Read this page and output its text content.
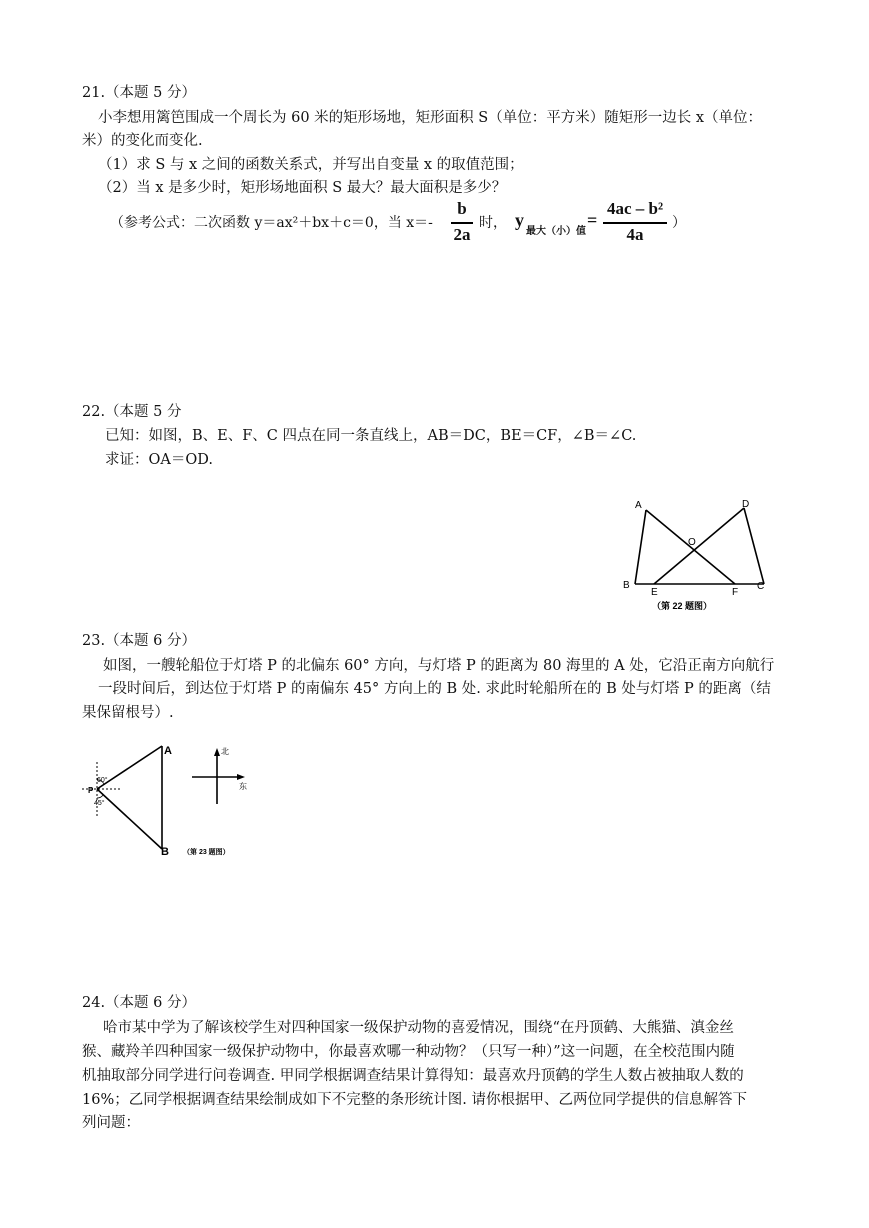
21.（本题 5 分）
小李想用篱笆围成一个周长为 60 米的矩形场地，矩形面积 S（单位：平方米）随矩形一边长 x（单位：
米）的变化而变化.
（1）求 S 与 x 之间的函数关系式，并写出自变量 x 的取值范围；
（2）当 x 是多少时，矩形场地面积 S 最大？最大面积是多少？
（参考公式：二次函数 y＝ax²＋bx＋c＝0，当 x＝-
b
2a
时， y
最大（小）值
=
4ac – b²
4a
）
22.（本题 5 分
已知：如图，B、E、F、C 四点在同一条直线上，AB＝DC，BE＝CF，∠B＝∠C.
求证：OA＝OD.
A	D
O
B
E	F
C
（第 22 题图）
23.（本题 6 分）
如图，一艘轮船位于灯塔 P 的北偏东 60° 方向，与灯塔 P 的距离为 80 海里的 A 处，它沿正南方向航行
一段时间后，到达位于灯塔 P 的南偏东 45° 方向上的 B 处. 求此时轮船所在的 B 处与灯塔 P 的距离（结
果保留根号）.
A
B
P
60°
45°
北
东
（第 23 题图）
24.（本题 6 分）
哈市某中学为了解该校学生对四种国家一级保护动物的喜爱情况，围绕“在丹顶鹤、大熊猫、滇金丝
猴、藏羚羊四种国家一级保护动物中，你最喜欢哪一种动物？（只写一种）”这一问题，在全校范围内随
机抽取部分同学进行问卷调查. 甲同学根据调查结果计算得知：最喜欢丹顶鹤的学生人数占被抽取人数的
16%；乙同学根据调查结果绘制成如下不完整的条形统计图. 请你根据甲、乙两位同学提供的信息解答下
列问题：
